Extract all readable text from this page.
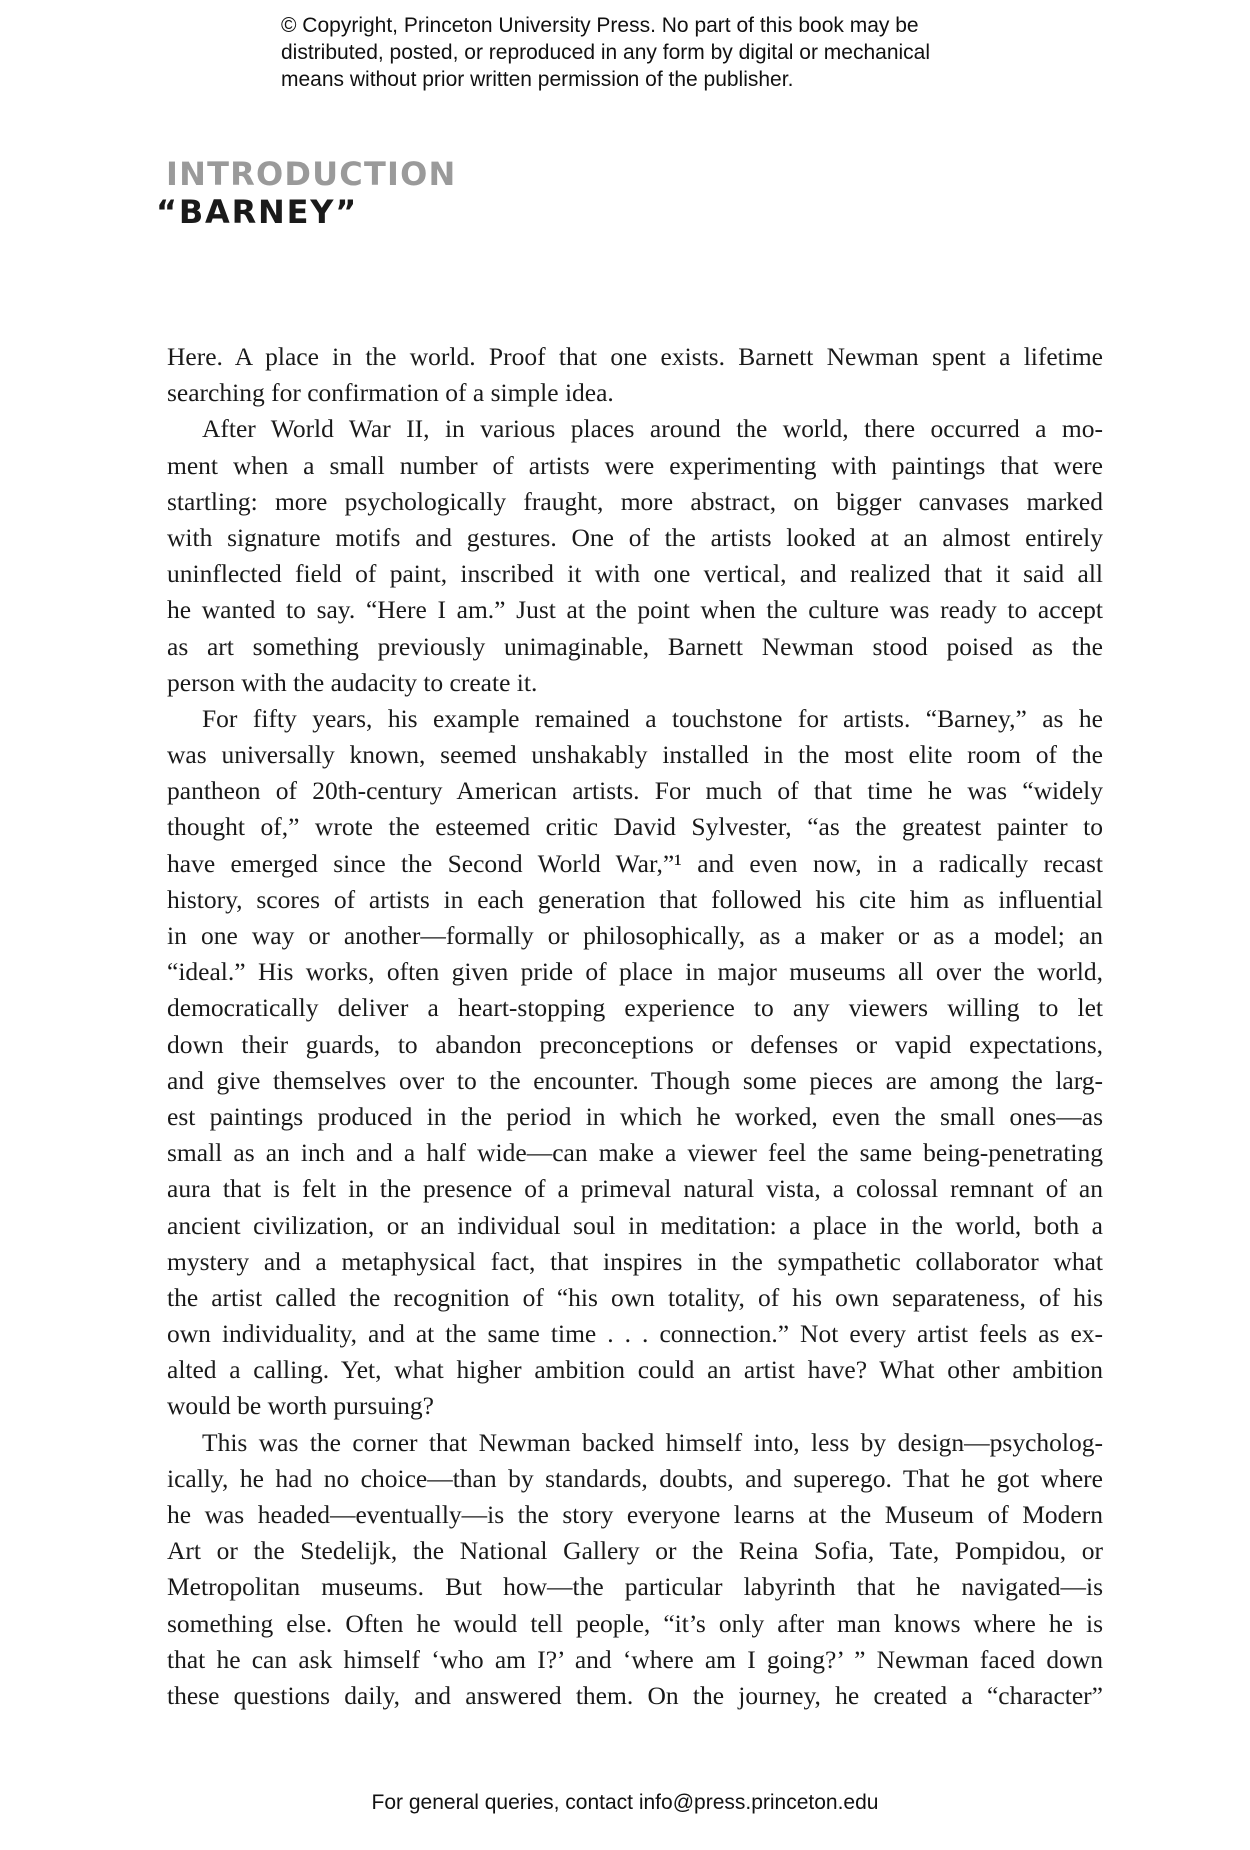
© Copyright, Princeton University Press. No part of this book may be
distributed, posted, or reproduced in any form by digital or mechanical
means without prior written permission of the publisher.
INTRODUCTION
“BARNEY”
Here. A place in the world. Proof that one exists. Barnett Newman spent a lifetime
searching for confirmation of a simple idea.
After World War II, in various places around the world, there occurred a mo-
ment when a small number of artists were experimenting with paintings that were
startling: more psychologically fraught, more abstract, on bigger canvases marked
with signature motifs and gestures. One of the artists looked at an almost entirely
uninflected field of paint, inscribed it with one vertical, and realized that it said all
he wanted to say. “Here I am.” Just at the point when the culture was ready to accept
as art something previously unimaginable, Barnett Newman stood poised as the
person with the audacity to create it.
For fifty years, his example remained a touchstone for artists. “Barney,” as he
was universally known, seemed unshakably installed in the most elite room of the
pantheon of 20th-century American artists. For much of that time he was “widely
thought of,” wrote the esteemed critic David Sylvester, “as the greatest painter to
have emerged since the Second World War,”¹ and even now, in a radically recast
history, scores of artists in each generation that followed his cite him as influential
in one way or another—formally or philosophically, as a maker or as a model; an
“ideal.” His works, often given pride of place in major museums all over the world,
democratically deliver a heart-stopping experience to any viewers willing to let
down their guards, to abandon preconceptions or defenses or vapid expectations,
and give themselves over to the encounter. Though some pieces are among the larg-
est paintings produced in the period in which he worked, even the small ones—as
small as an inch and a half wide—can make a viewer feel the same being-penetrating
aura that is felt in the presence of a primeval natural vista, a colossal remnant of an
ancient civilization, or an individual soul in meditation: a place in the world, both a
mystery and a metaphysical fact, that inspires in the sympathetic collaborator what
the artist called the recognition of “his own totality, of his own separateness, of his
own individuality, and at the same time . . . connection.” Not every artist feels as ex-
alted a calling. Yet, what higher ambition could an artist have? What other ambition
would be worth pursuing?
This was the corner that Newman backed himself into, less by design—psycholog-
ically, he had no choice—than by standards, doubts, and superego. That he got where
he was headed—eventually—is the story everyone learns at the Museum of Modern
Art or the Stedelijk, the National Gallery or the Reina Sofia, Tate, Pompidou, or
Metropolitan museums. But how—the particular labyrinth that he navigated—is
something else. Often he would tell people, “it’s only after man knows where he is
that he can ask himself ‘who am I?’ and ‘where am I going?’ ” Newman faced down
these questions daily, and answered them. On the journey, he created a “character”

For general queries, contact info@press.princeton.edu
